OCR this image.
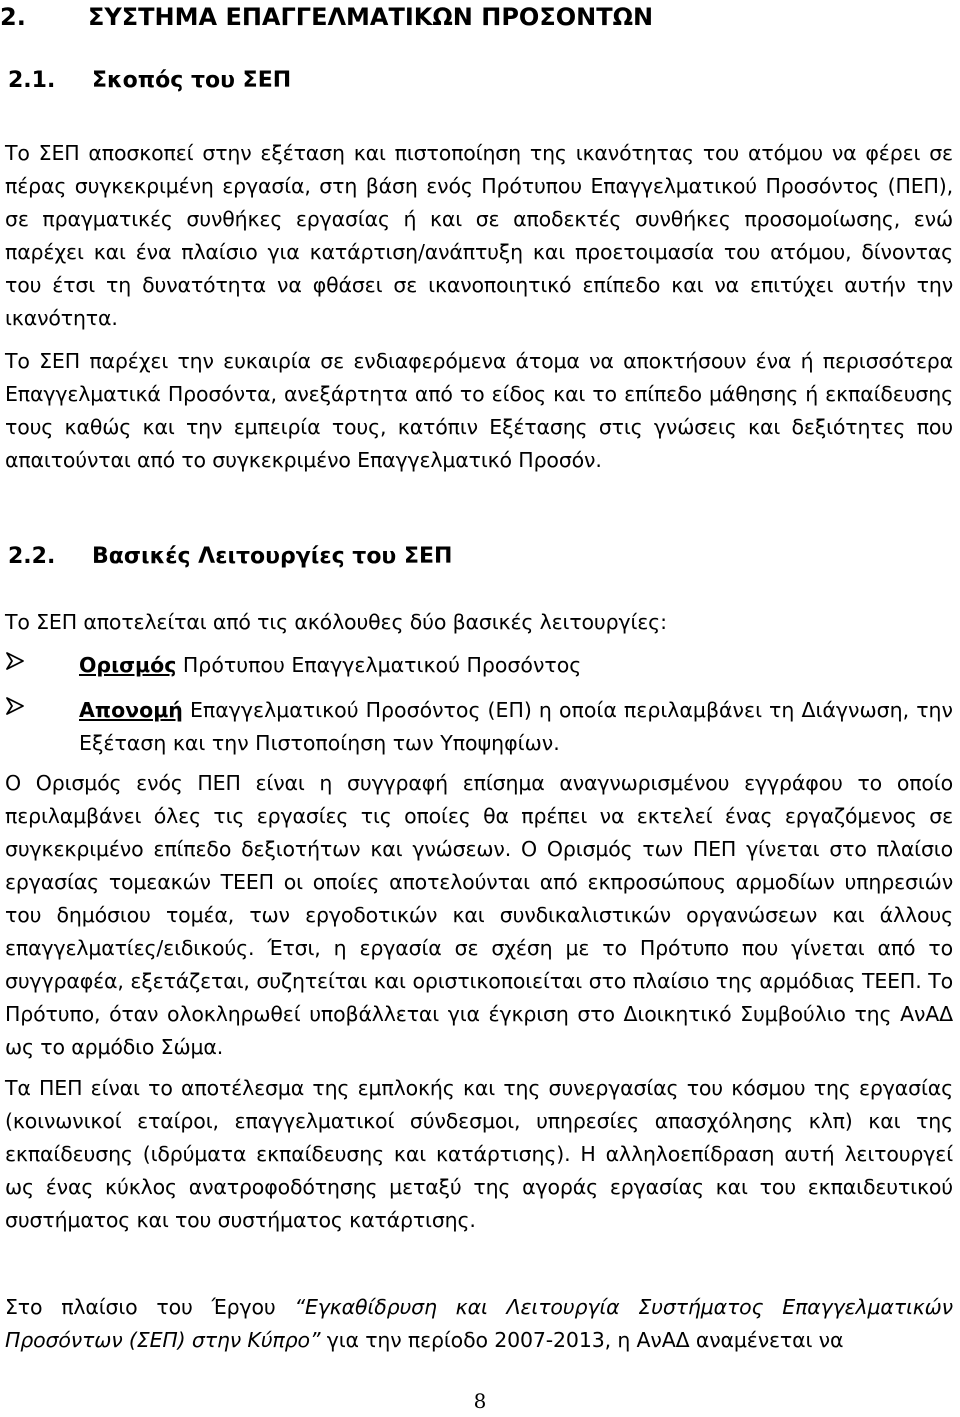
2.	ΣΥΣΤΗΜΑ ΕΠΑΓΓΕΛΜΑΤΙΚΩΝ ΠΡΟΣΟΝΤΩΝ
2.1. Σκοπός του ΣΕΠ

Το ΣΕΠ αποσκοπεί στην εξέταση και πιστοποίηση της ικανότητας του ατόμου να φέρει σε πέρας συγκεκριμένη εργασία, στη βάση ενός Πρότυπου Επαγγελματικού Προσόντος (ΠΕΠ), σε πραγματικές συνθήκες εργασίας ή και σε αποδεκτές συνθήκες προσομοίωσης, ενώ παρέχει και ένα πλαίσιο για κατάρτιση/ανάπτυξη και προετοιμασία του ατόμου, δίνοντας του έτσι τη δυνατότητα να φθάσει σε ικανοποιητικό επίπεδο και να επιτύχει αυτήν την ικανότητα.

Το ΣΕΠ παρέχει την ευκαιρία σε ενδιαφερόμενα άτομα να αποκτήσουν ένα ή περισσότερα Επαγγελματικά Προσόντα, ανεξάρτητα από το είδος και το επίπεδο μάθησης ή εκπαίδευσης τους καθώς και την εμπειρία τους, κατόπιν Εξέτασης στις γνώσεις και δεξιότητες που απαιτούνται από το συγκεκριμένο Επαγγελματικό Προσόν.

2.2. Βασικές Λειτουργίες του ΣΕΠ

Το ΣΕΠ αποτελείται από τις ακόλουθες δύο βασικές λειτουργίες:

Ορισμός Πρότυπου Επαγγελματικού Προσόντος
Απονομή Επαγγελματικού Προσόντος (ΕΠ) η οποία περιλαμβάνει τη Διάγνωση, την Εξέταση και την Πιστοποίηση των Υποψηφίων.

Ο Ορισμός ενός ΠΕΠ είναι η συγγραφή επίσημα αναγνωρισμένου εγγράφου το οποίο περιλαμβάνει όλες τις εργασίες τις οποίες θα πρέπει να εκτελεί ένας εργαζόμενος σε συγκεκριμένο επίπεδο δεξιοτήτων και γνώσεων. Ο Ορισμός των ΠΕΠ γίνεται στο πλαίσιο εργασίας τομεακών ΤΕΕΠ οι οποίες αποτελούνται από εκπροσώπους αρμοδίων υπηρεσιών του δημόσιου τομέα, των εργοδοτικών και συνδικαλιστικών οργανώσεων και άλλους επαγγελματίες/ειδικούς. Έτσι, η εργασία σε σχέση με το Πρότυπο που γίνεται από το συγγραφέα, εξετάζεται, συζητείται και οριστικοποιείται στο πλαίσιο της αρμόδιας ΤΕΕΠ. Το Πρότυπο, όταν ολοκληρωθεί υποβάλλεται για έγκριση στο Διοικητικό Συμβούλιο της ΑνΑΔ ως το αρμόδιο Σώμα.

Τα ΠΕΠ είναι το αποτέλεσμα της εμπλοκής και της συνεργασίας του κόσμου της εργασίας (κοινωνικοί εταίροι, επαγγελματικοί σύνδεσμοι, υπηρεσίες απασχόλησης κλπ) και της εκπαίδευσης (ιδρύματα εκπαίδευσης και κατάρτισης). Η αλληλοεπίδραση αυτή λειτουργεί ως ένας κύκλος ανατροφοδότησης μεταξύ της αγοράς εργασίας και του εκπαιδευτικού συστήματος και του συστήματος κατάρτισης.

Στο πλαίσιο του Έργου “Εγκαθίδρυση και Λειτουργία Συστήματος Επαγγελματικών Προσόντων (ΣΕΠ) στην Κύπρο” για την περίοδο 2007-2013, η ΑνΑΔ αναμένεται να

8
